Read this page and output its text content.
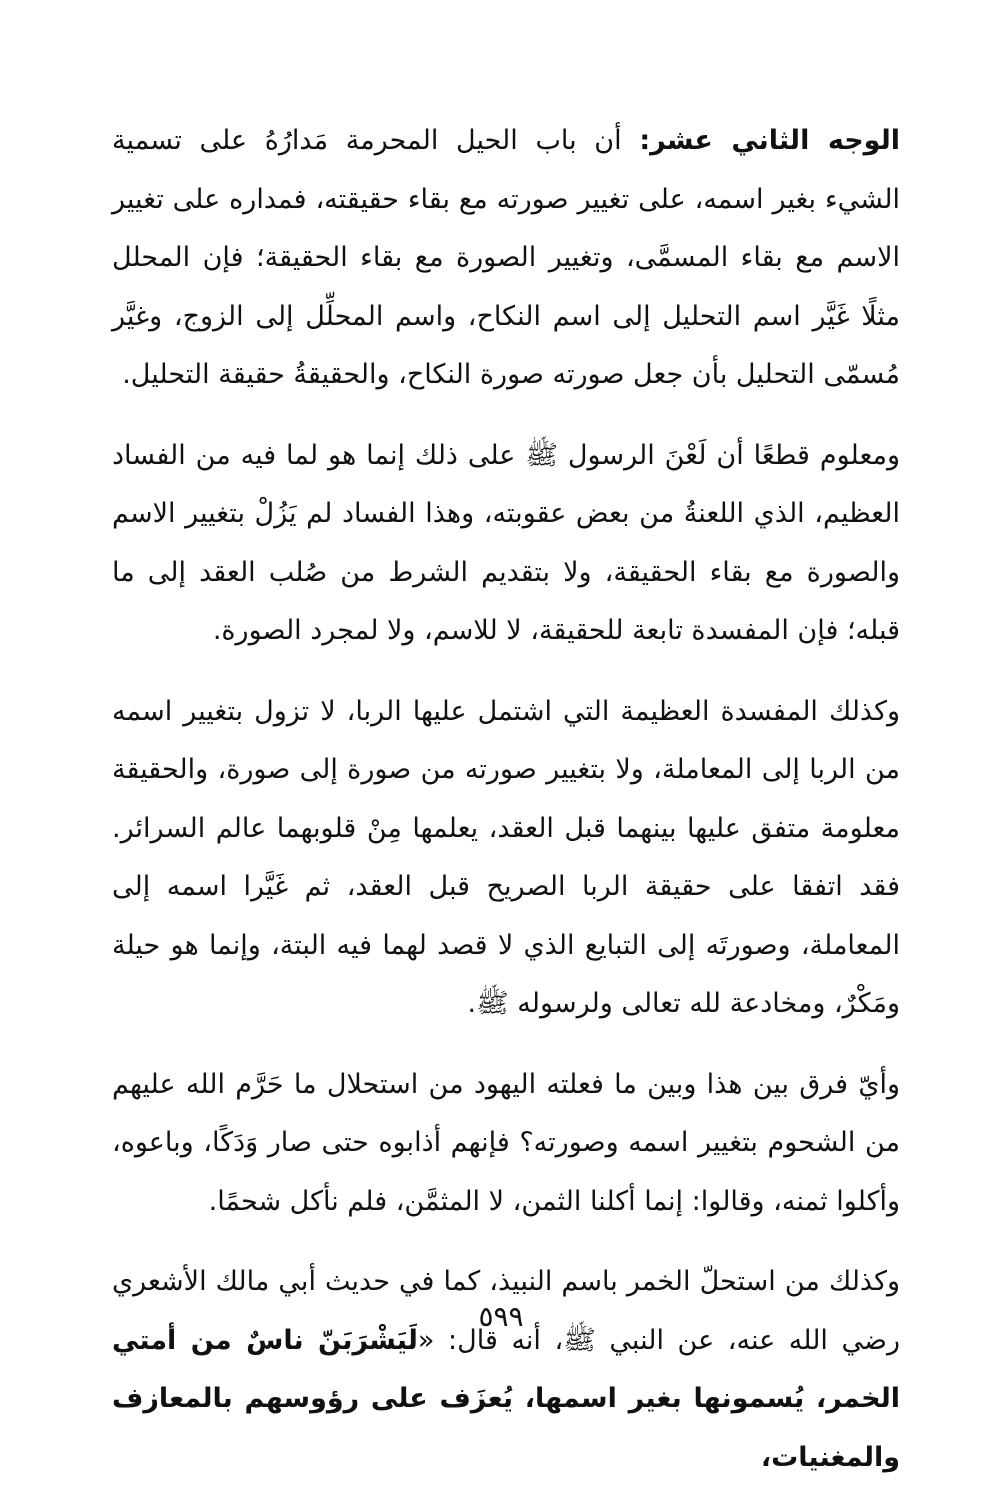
الوجه الثاني عشر: أن باب الحيل المحرمة مَدارُهُ على تسمية الشيء بغير اسمه، على تغيير صورته مع بقاء حقيقته، فمداره على تغيير الاسم مع بقاء المسمَّى، وتغيير الصورة مع بقاء الحقيقة؛ فإن المحلل مثلًا غَيَّر اسم التحليل إلى اسم النكاح، واسم المحلِّل إلى الزوج، وغيَّر مُسمّى التحليل بأن جعل صورته صورة النكاح، والحقيقةُ حقيقة التحليل.

ومعلوم قطعًا أن لَعْنَ الرسول ﷺ على ذلك إنما هو لما فيه من الفساد العظيم، الذي اللعنةُ من بعض عقوبته، وهذا الفساد لم يَزُلْ بتغيير الاسم والصورة مع بقاء الحقيقة، ولا بتقديم الشرط من صُلب العقد إلى ما قبله؛ فإن المفسدة تابعة للحقيقة، لا للاسم، ولا لمجرد الصورة.

وكذلك المفسدة العظيمة التي اشتمل عليها الربا، لا تزول بتغيير اسمه من الربا إلى المعاملة، ولا بتغيير صورته من صورة إلى صورة، والحقيقة معلومة متفق عليها بينهما قبل العقد، يعلمها مِنْ قلوبهما عالم السرائر. فقد اتفقا على حقيقة الربا الصريح قبل العقد، ثم غَيَّرا اسمه إلى المعاملة، وصورتَه إلى التبايع الذي لا قصد لهما فيه البتة، وإنما هو حيلة ومَكْرٌ، ومخادعة لله تعالى ولرسوله ﷺ.

وأيّ فرق بين هذا وبين ما فعلته اليهود من استحلال ما حَرَّم الله عليهم من الشحوم بتغيير اسمه وصورته؟ فإنهم أذابوه حتى صار وَدَكًا، وباعوه، وأكلوا ثمنه، وقالوا: إنما أكلنا الثمن، لا المثمَّن، فلم نأكل شحمًا.

وكذلك من استحلّ الخمر باسم النبيذ، كما في حديث أبي مالك الأشعري رضي الله عنه، عن النبي ﷺ، أنه قال: «لَيَشْرَبَنّ ناسٌ من أمتي الخمر، يُسمونها بغير اسمها، يُعزَف على رؤوسهم بالمعازف والمغنيات،

٥٩٩
